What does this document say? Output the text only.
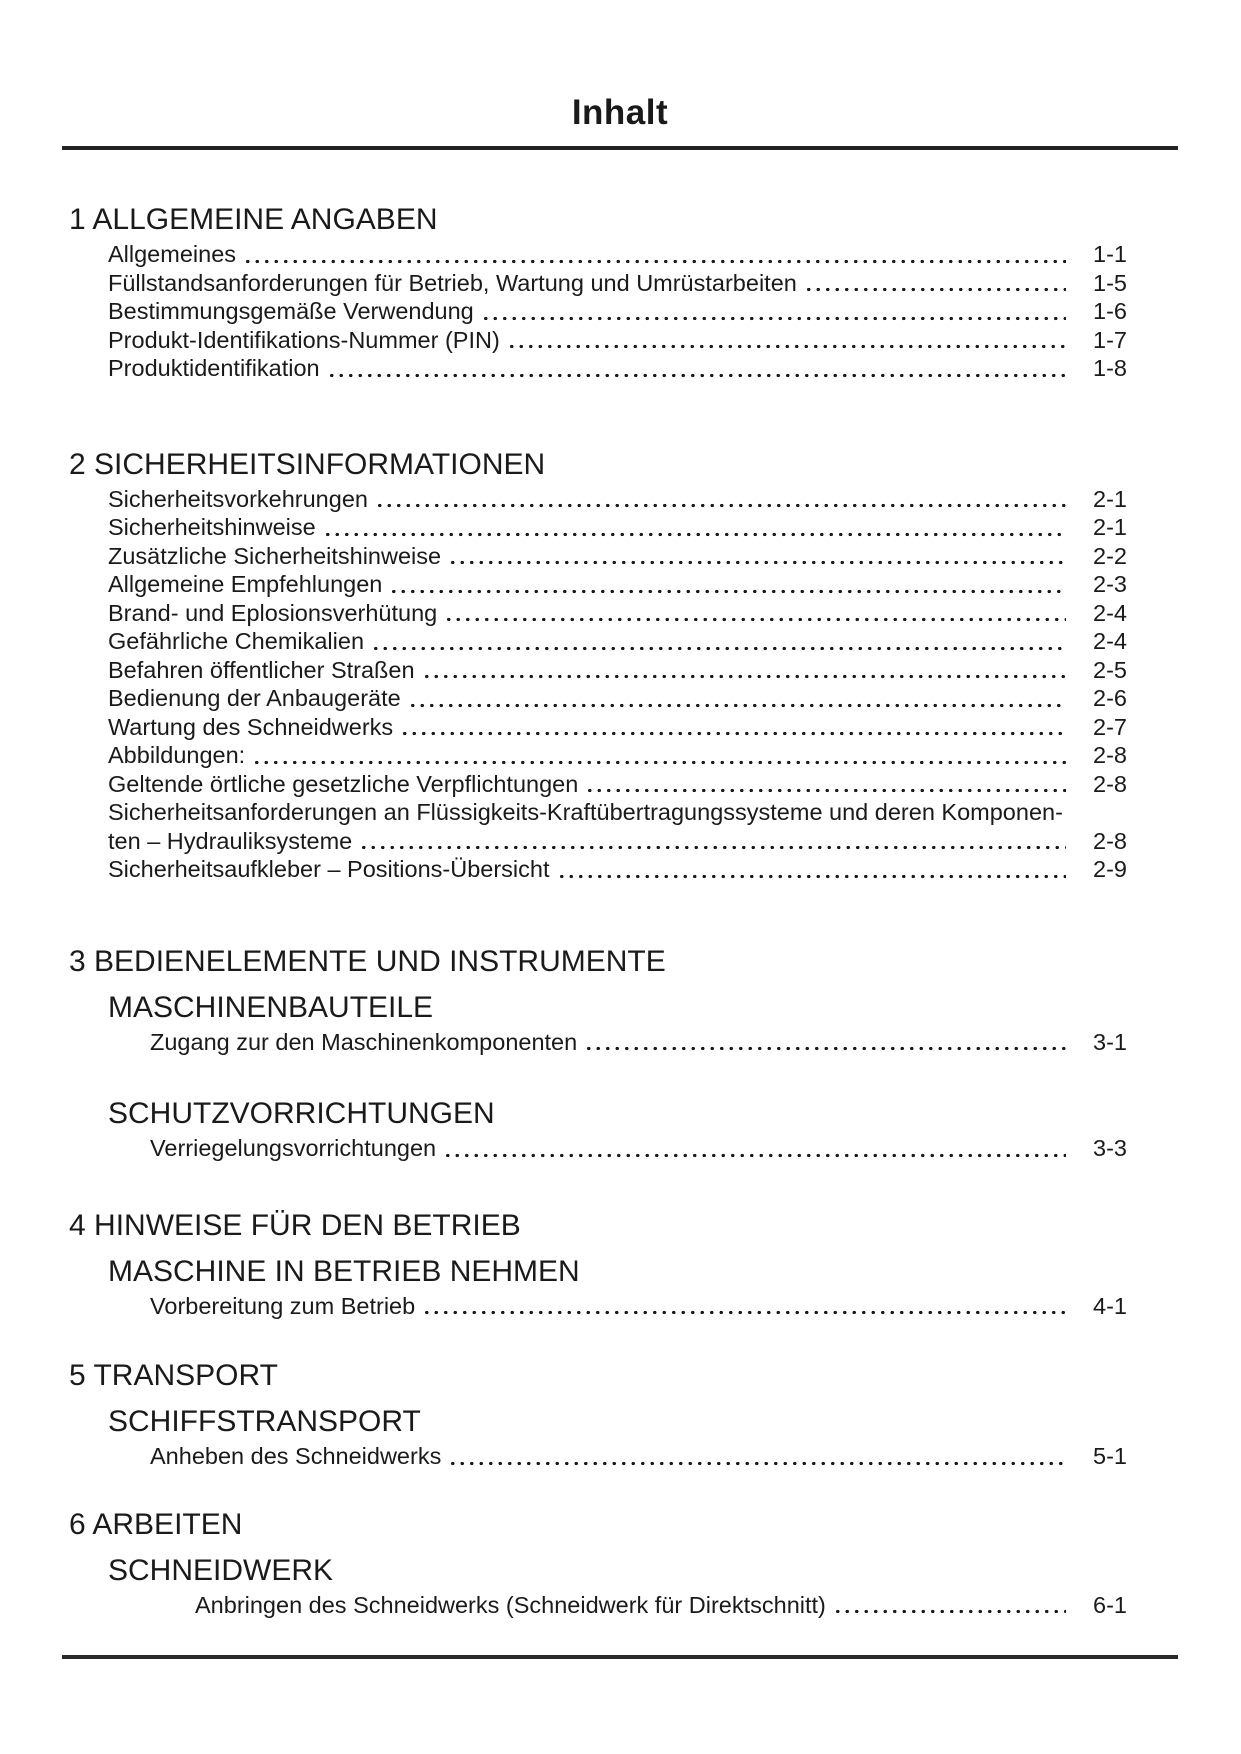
Inhalt
1 ALLGEMEINE ANGABEN
Allgemeines	1-1
Füllstandsanforderungen für Betrieb, Wartung und Umrüstarbeiten	1-5
Bestimmungsgemäße Verwendung	1-6
Produkt-Identifikations-Nummer (PIN)	1-7
Produktidentifikation	1-8
2 SICHERHEITSINFORMATIONEN
Sicherheitsvorkehrungen	2-1
Sicherheitshinweise	2-1
Zusätzliche Sicherheitshinweise	2-2
Allgemeine Empfehlungen	2-3
Brand- und Eplosionsverhütung	2-4
Gefährliche Chemikalien	2-4
Befahren öffentlicher Straßen	2-5
Bedienung der Anbaugeräte	2-6
Wartung des Schneidwerks	2-7
Abbildungen:	2-8
Geltende örtliche gesetzliche Verpflichtungen	2-8
Sicherheitsanforderungen an Flüssigkeits-Kraftübertragungssysteme und deren Komponen-
ten – Hydrauliksysteme	2-8
Sicherheitsaufkleber – Positions-Übersicht	2-9
3 BEDIENELEMENTE UND INSTRUMENTE
MASCHINENBAUTEILE
Zugang zur den Maschinenkomponenten	3-1
SCHUTZVORRICHTUNGEN
Verriegelungsvorrichtungen	3-3
4 HINWEISE FÜR DEN BETRIEB
MASCHINE IN BETRIEB NEHMEN
Vorbereitung zum Betrieb	4-1
5 TRANSPORT
SCHIFFSTRANSPORT
Anheben des Schneidwerks	5-1
6 ARBEITEN
SCHNEIDWERK
Anbringen des Schneidwerks (Schneidwerk für Direktschnitt)	6-1
